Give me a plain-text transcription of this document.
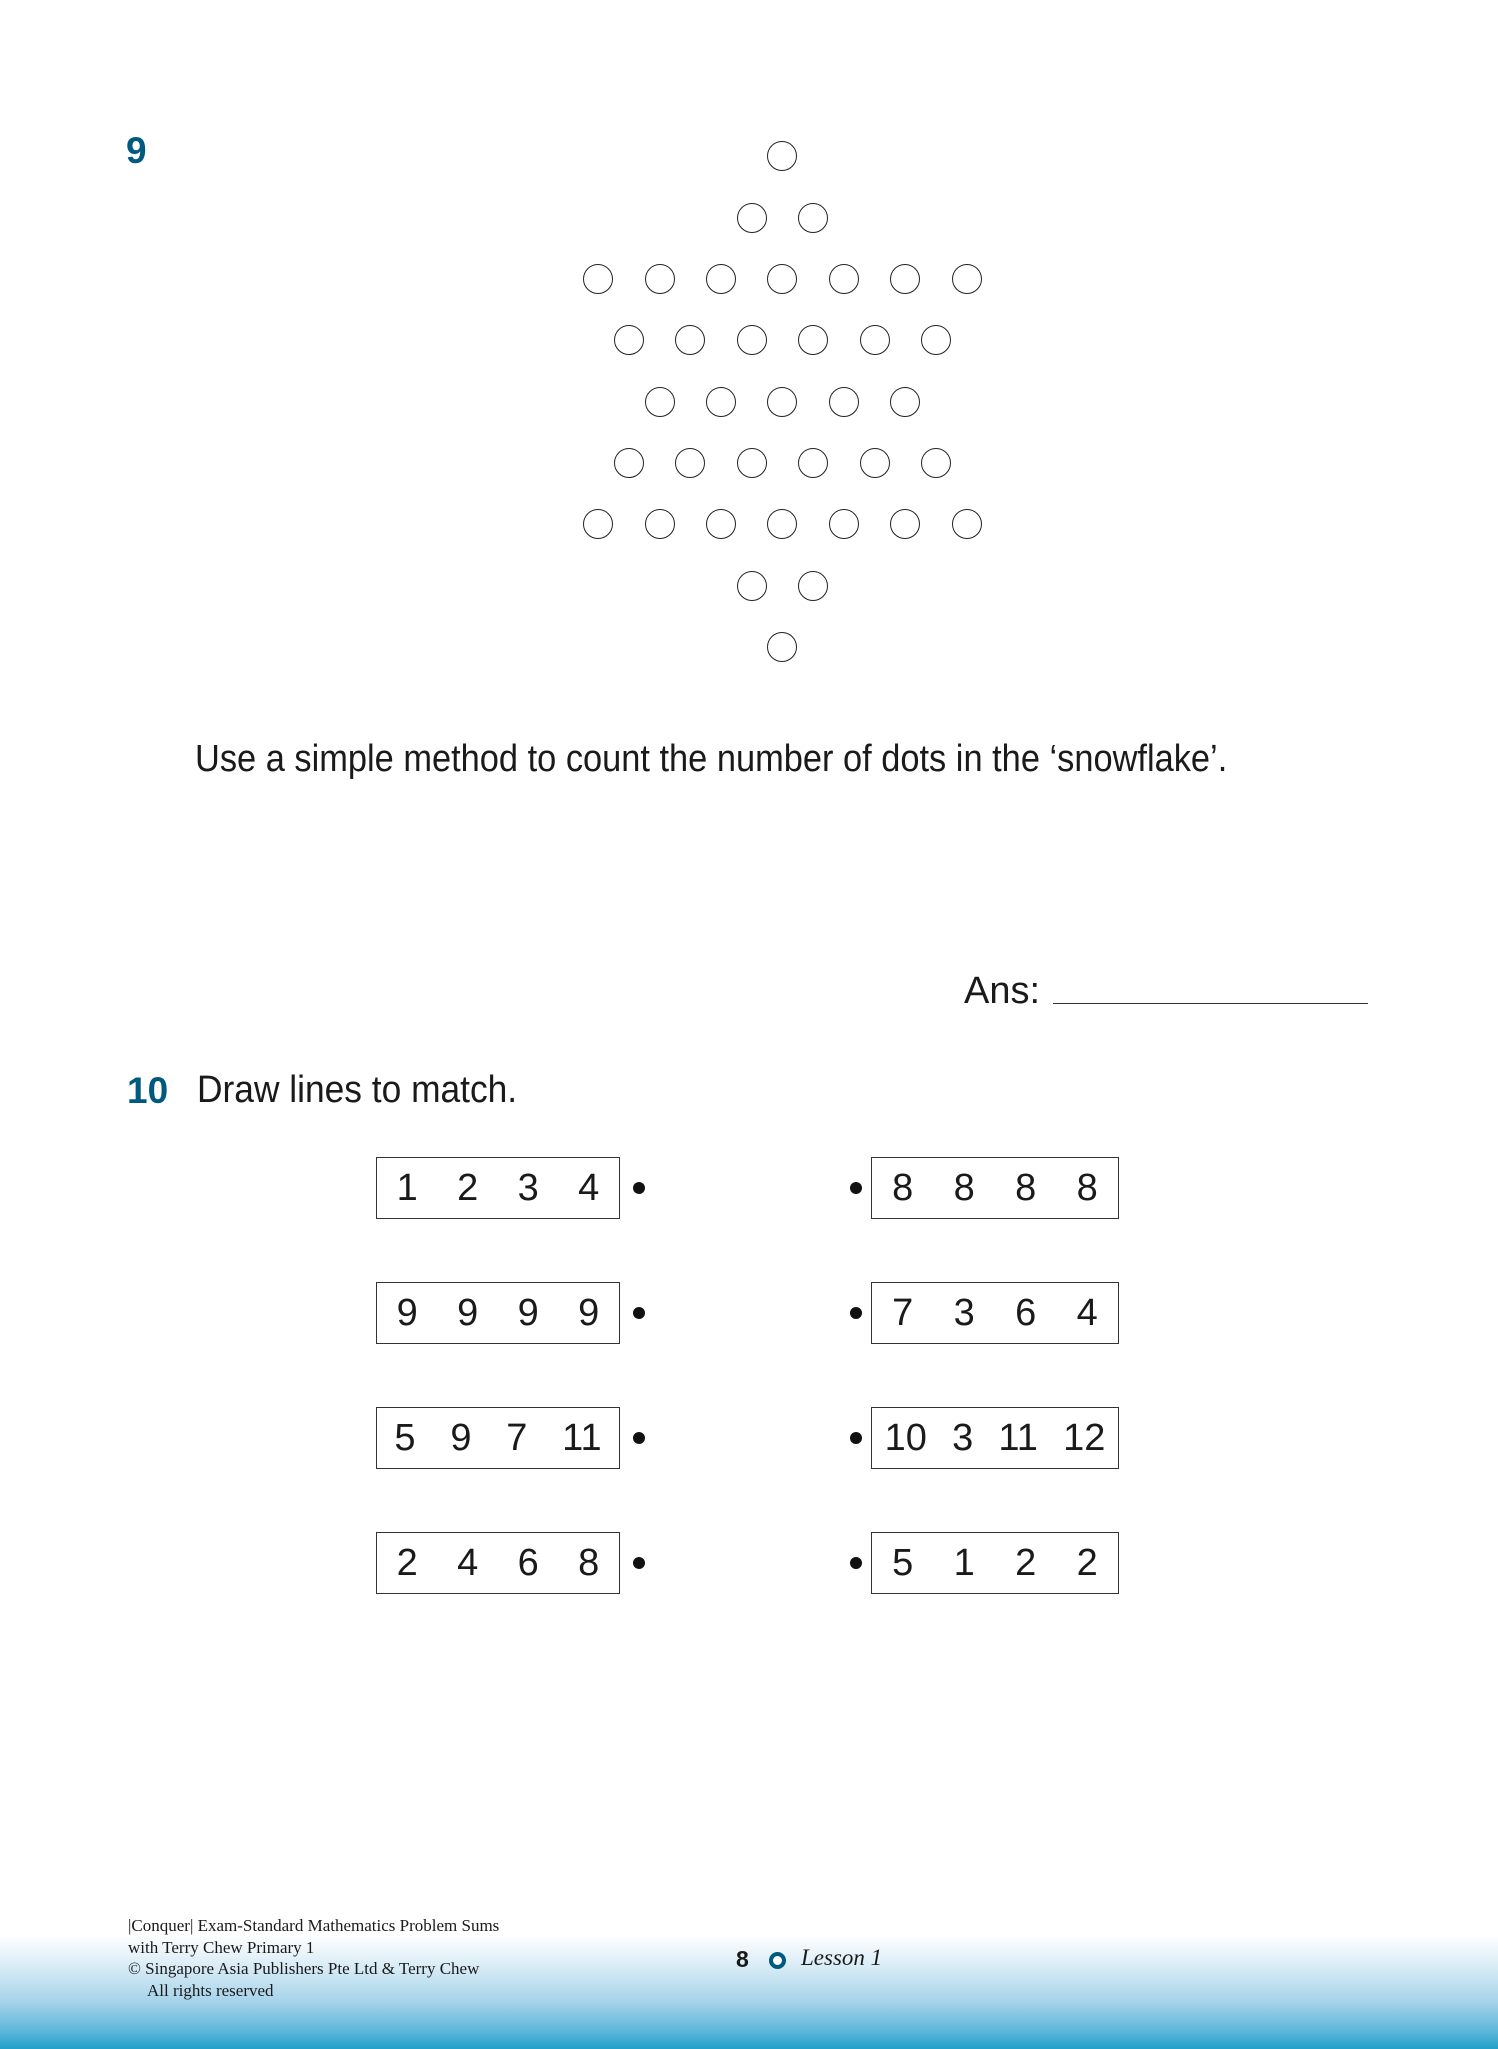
9
Use a simple method to count the number of dots in the ‘snowflake’.
Ans:
10 Draw lines to match.
1 2 3 4	8 8 8 8
9 9 9 9	7 3 6 4
5 9 7 11	10 3 11 12
2 4 6 8	5 1 2 2
|Conquer| Exam-Standard Mathematics Problem Sums
with Terry Chew Primary 1
© Singapore Asia Publishers Pte Ltd & Terry Chew
All rights reserved
8 Lesson 1
